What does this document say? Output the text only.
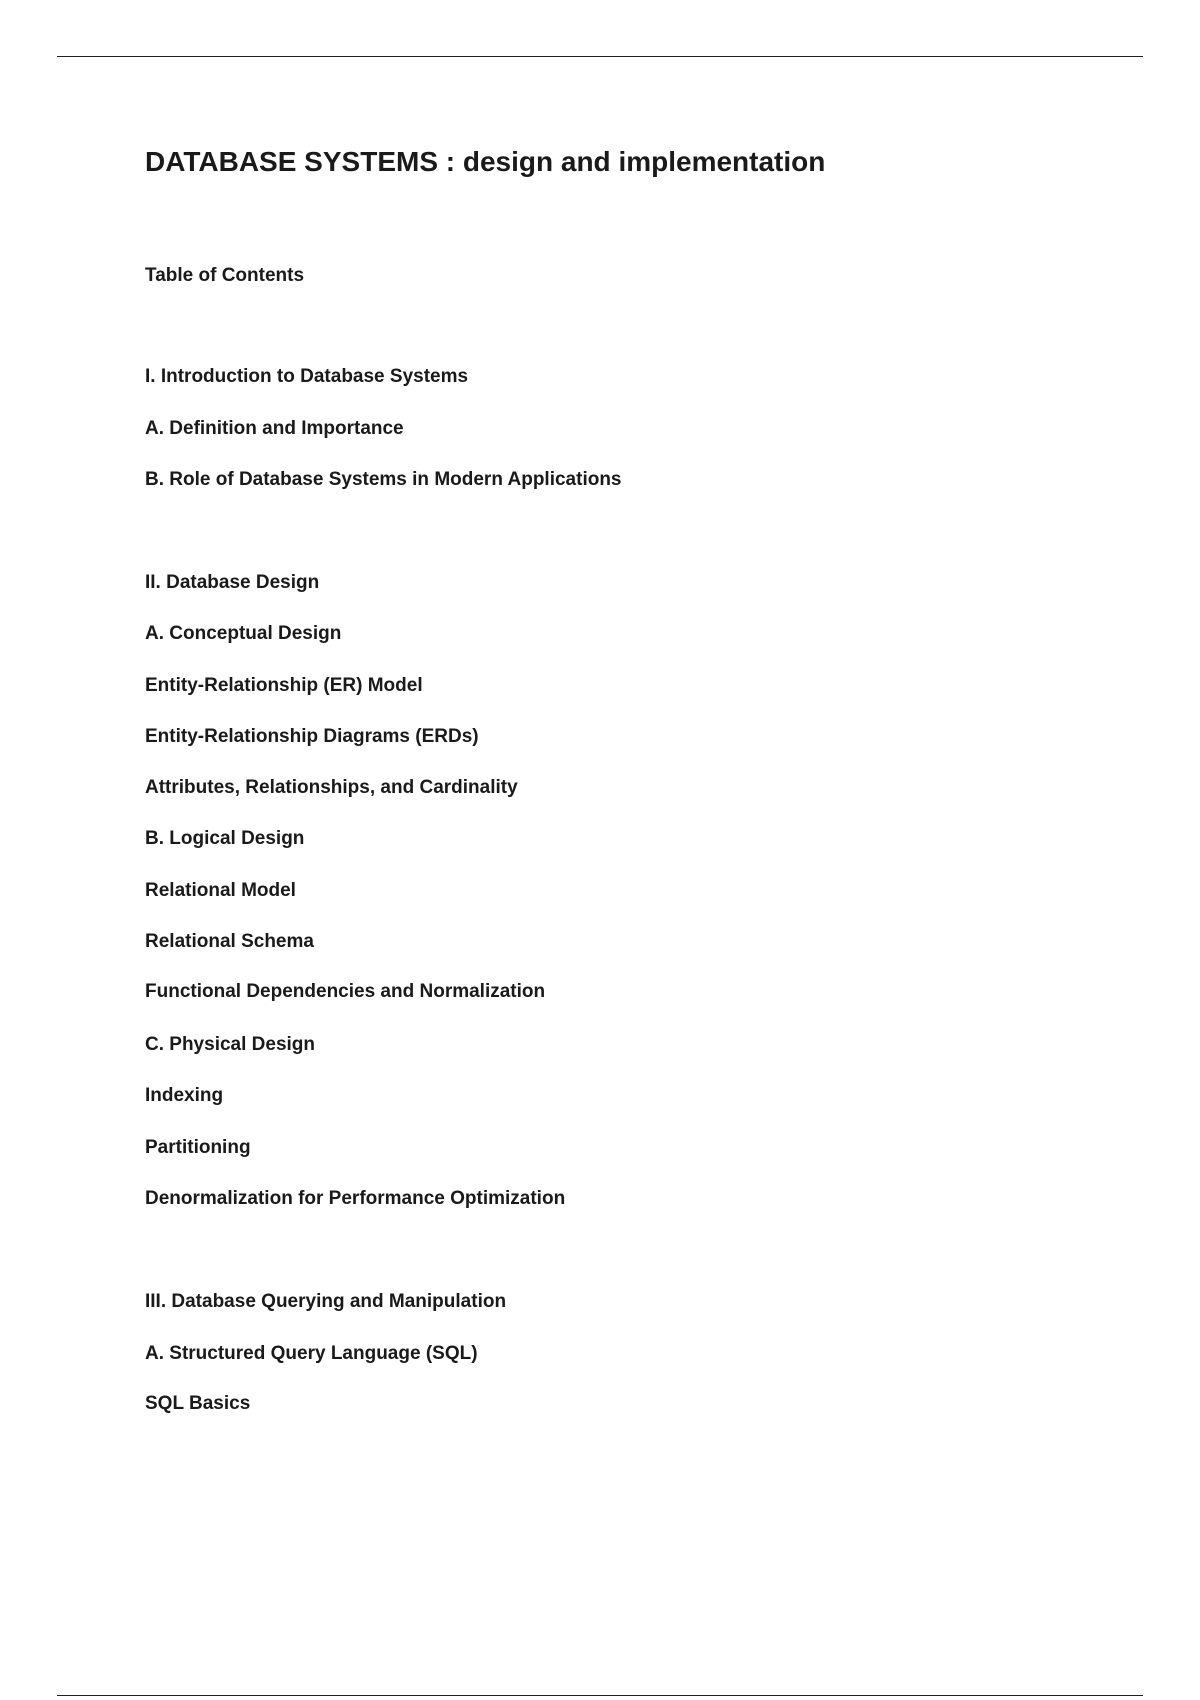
DATABASE SYSTEMS : design and implementation
Table of Contents
I. Introduction to Database Systems
A. Definition and Importance
B. Role of Database Systems in Modern Applications
II. Database Design
A. Conceptual Design
Entity-Relationship (ER) Model
Entity-Relationship Diagrams (ERDs)
Attributes, Relationships, and Cardinality
B. Logical Design
Relational Model
Relational Schema
Functional Dependencies and Normalization
C. Physical Design
Indexing
Partitioning
Denormalization for Performance Optimization
III. Database Querying and Manipulation
A. Structured Query Language (SQL)
SQL Basics
